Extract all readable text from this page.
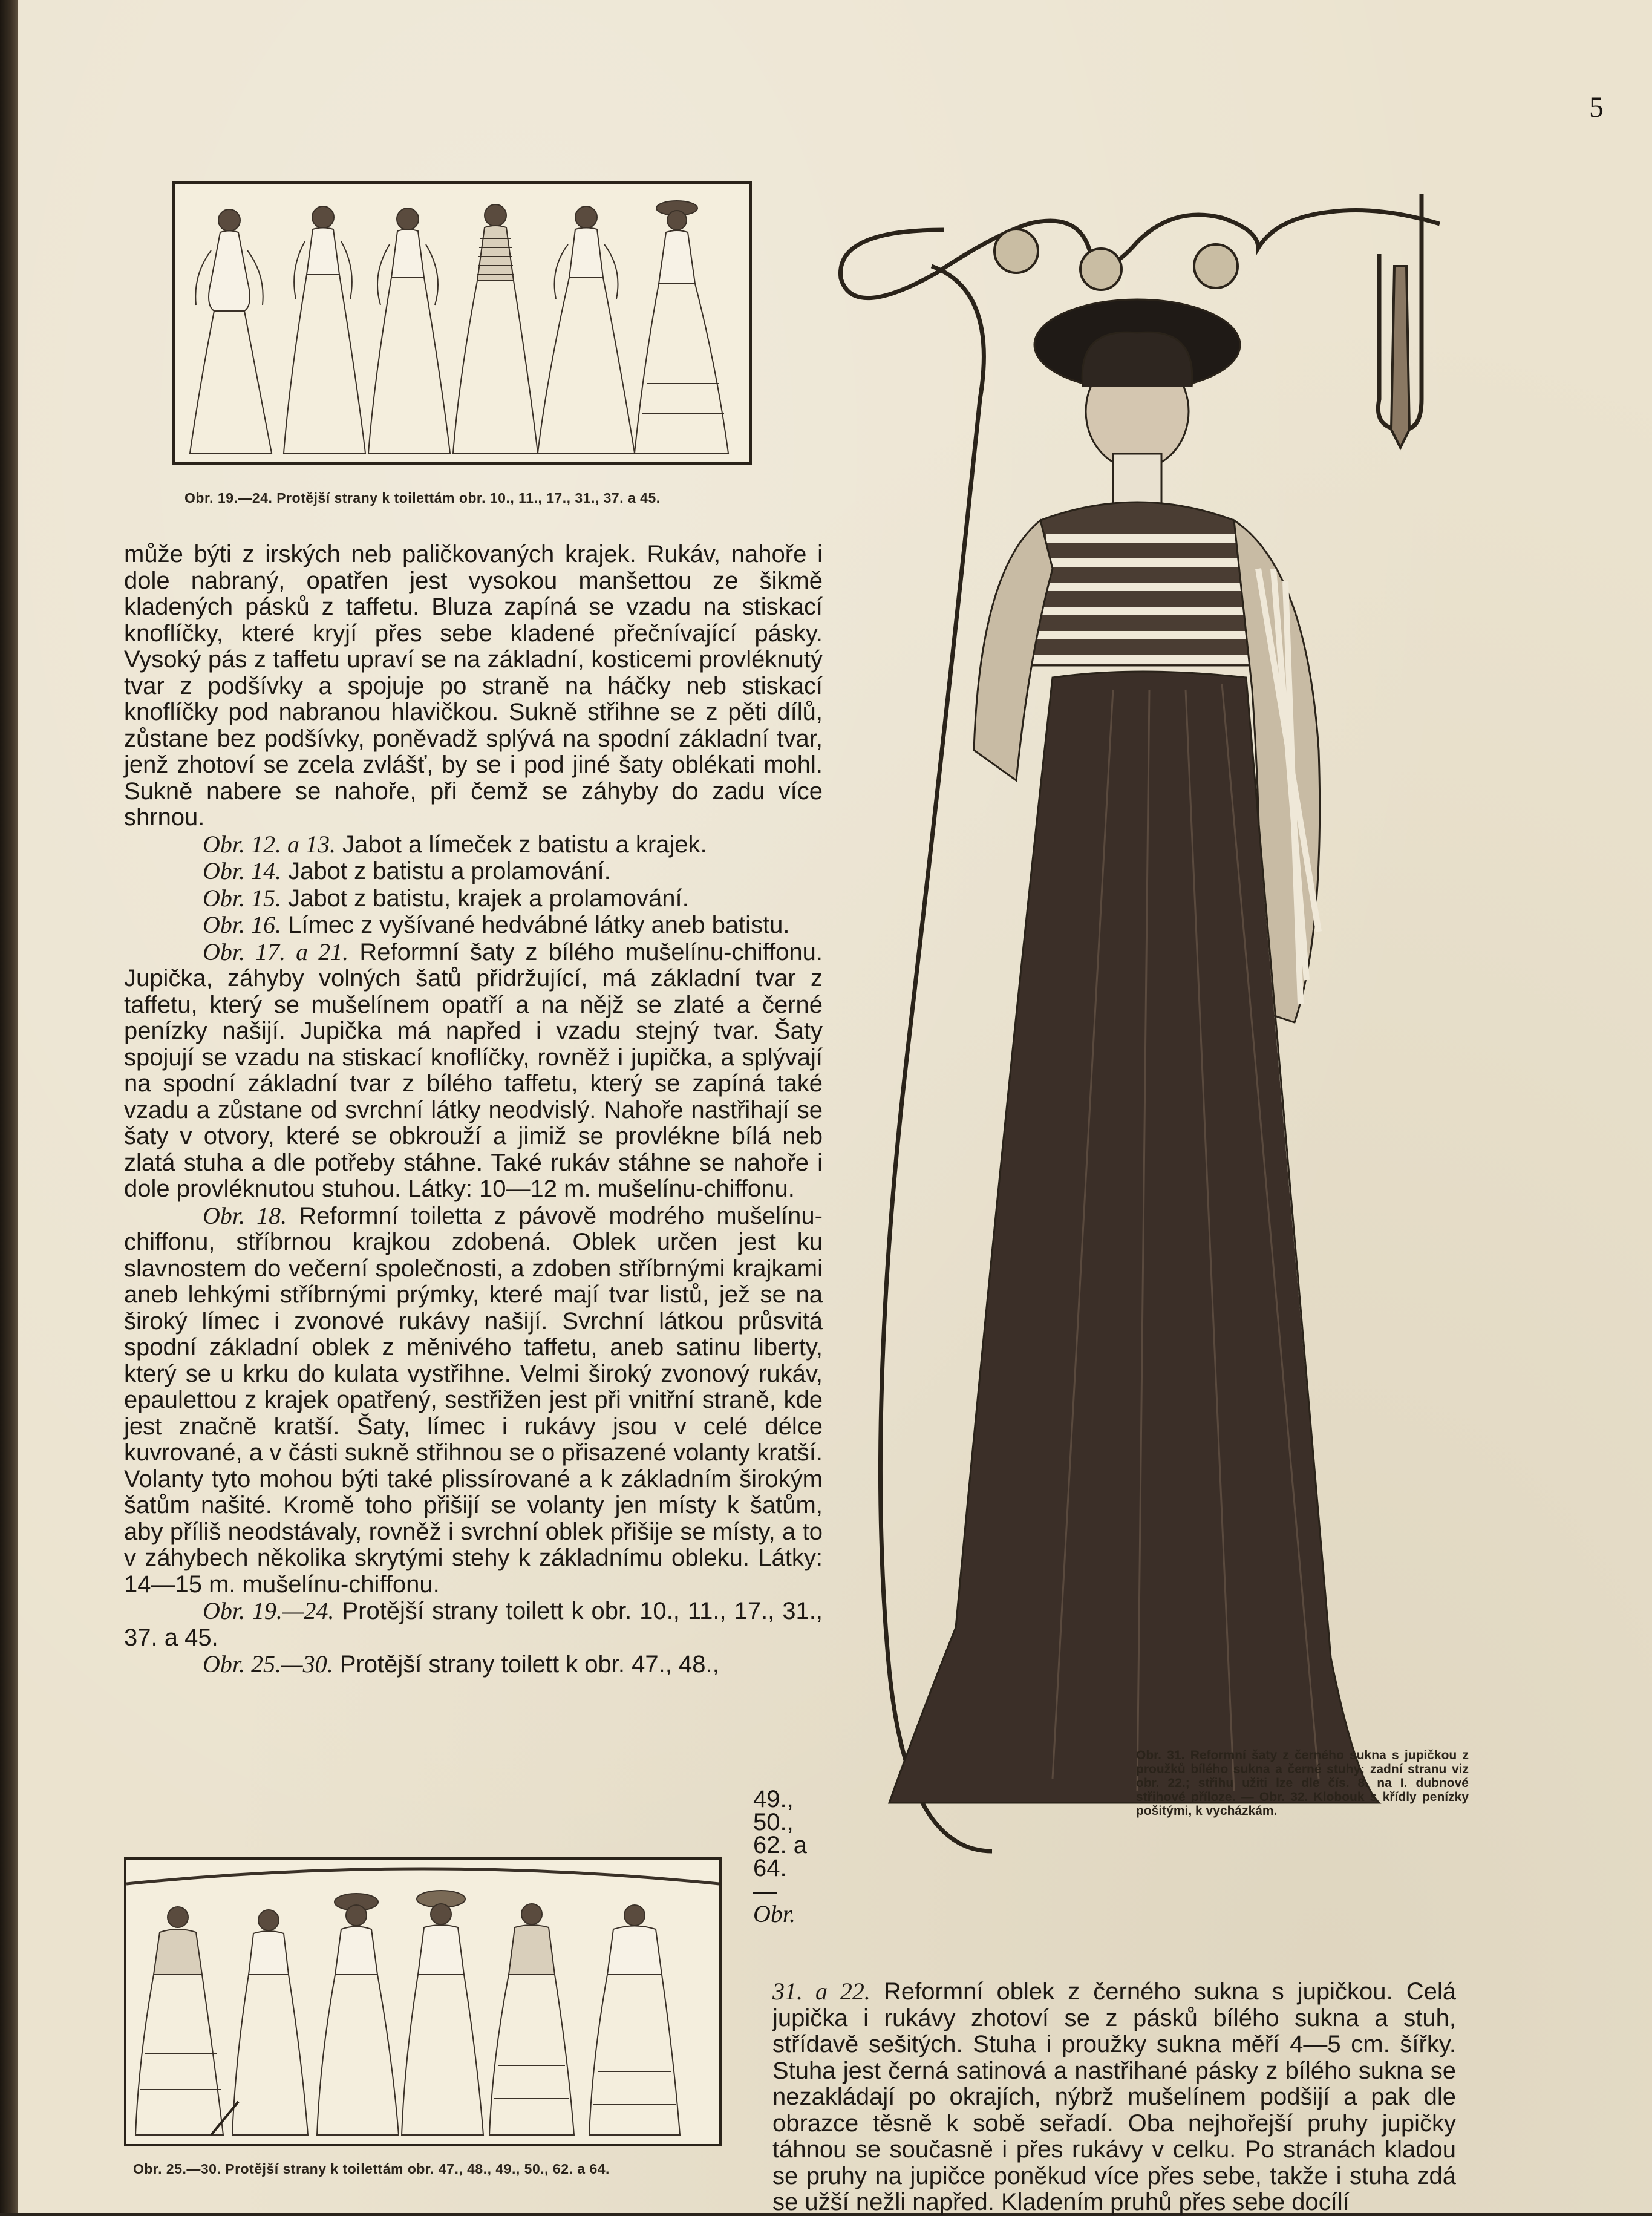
5
Obr. 19.—24. Protější strany k toilettám obr. 10., 11., 17., 31., 37. a 45.

může býti z irských neb paličkovaných krajek. Rukáv, nahoře i dole nabraný, opatřen jest vysokou manšettou ze šikmě kladených pásků z taffetu. Bluza zapíná se vzadu na stiskací knoflíčky, které kryjí přes sebe kladené přečnívající pásky. Vysoký pás z taffetu upraví se na základní, kosticemi provléknutý tvar z podšívky a spojuje po straně na háčky neb stiskací knoflíčky pod nabranou hlavičkou. Sukně střihne se z pěti dílů, zůstane bez podšívky, poněvadž splývá na spodní základní tvar, jenž zhotoví se zcela zvlášť, by se i pod jiné šaty oblékati mohl. Sukně nabere se nahoře, při čemž se záhyby do zadu více shrnou.

Obr. 12. a 13. Jabot a límeček z batistu a krajek.

Obr. 14. Jabot z batistu a prolamování.

Obr. 15. Jabot z batistu, krajek a prolamování.

Obr. 16. Límec z vyšívané hedvábné látky aneb batistu.

Obr. 17. a 21. Reformní šaty z bílého mušelínu-chiffonu. Jupička, záhyby volných šatů přidržující, má základní tvar z taffetu, který se mušelínem opatří a na nějž se zlaté a černé penízky našijí. Jupička má napřed i vzadu stejný tvar. Šaty spojují se vzadu na stiskací knoflíčky, rovněž i jupička, a splývají na spodní základní tvar z bílého taffetu, který se zapíná také vzadu a zůstane od svrchní látky neodvislý. Nahoře nastřihají se šaty v otvory, které se obkrouží a jimiž se provlékne bílá neb zlatá stuha a dle potřeby stáhne. Také rukáv stáhne se nahoře i dole provléknutou stuhou. Látky: 10—12 m. mušelínu-chiffonu.

Obr. 18. Reformní toiletta z pávově modrého mušelínu-chiffonu, stříbrnou krajkou zdobená. Oblek určen jest ku slavnostem do večerní společnosti, a zdoben stříbrnými krajkami aneb lehkými stříbrnými prýmky, které mají tvar listů, jež se na široký límec i zvonové rukávy našijí. Svrchní látkou průsvitá spodní základní oblek z měnivého taffetu, aneb satinu liberty, který se u krku do kulata vystřihne. Velmi široký zvonový rukáv, epaulettou z krajek opatřený, sestřižen jest při vnitřní straně, kde jest značně kratší. Šaty, límec i rukávy jsou v celé délce kuvrované, a v části sukně střihnou se o přisazené volanty kratší. Volanty tyto mohou býti také plissírované a k základním širokým šatům našité. Kromě toho přišijí se volanty jen místy k šatům, aby příliš neodstávaly, rovněž i svrchní oblek přišije se místy, a to v záhybech několika skrytými stehy k základnímu obleku. Látky: 14—15 m. mušelínu-chiffonu.

Obr. 19.—24. Protější strany toilett k obr. 10., 11., 17., 31., 37. a 45.

Obr. 25.—30. Protější strany toilett k obr. 47., 48.,

49.,
50.,
62. a
64.
—
Obr.
Obr. 31. Reformní šaty z černého sukna s jupičkou z proužků bílého sukna a černé stuhy; zadní stranu viz obr. 22.; střihu užiti lze dle čís. 8. na I. dubnové střihové příloze. — Obr. 32. Klobouk s křídly penízky pošitými, k vycházkám.
Obr. 25.—30. Protější strany k toilettám obr. 47., 48., 49., 50., 62. a 64.

31. a 22. Reformní oblek z černého sukna s jupičkou. Celá jupička i rukávy zhotoví se z pásků bílého sukna a stuh, střídavě sešitých. Stuha i proužky sukna měří 4—5 cm. šířky. Stuha jest černá satinová a nastřihané pásky z bílého sukna se nezakládají po okrajích, nýbrž mušelínem podšijí a pak dle obrazce těsně k sobě seřadí. Oba nejhořejší pruhy jupičky táhnou se současně i přes rukávy v celku. Po stranách kladou se pruhy na jupičce poněkud více přes sebe, takže i stuha zdá se užší nežli napřed. Kladením pruhů přes sebe docílí
